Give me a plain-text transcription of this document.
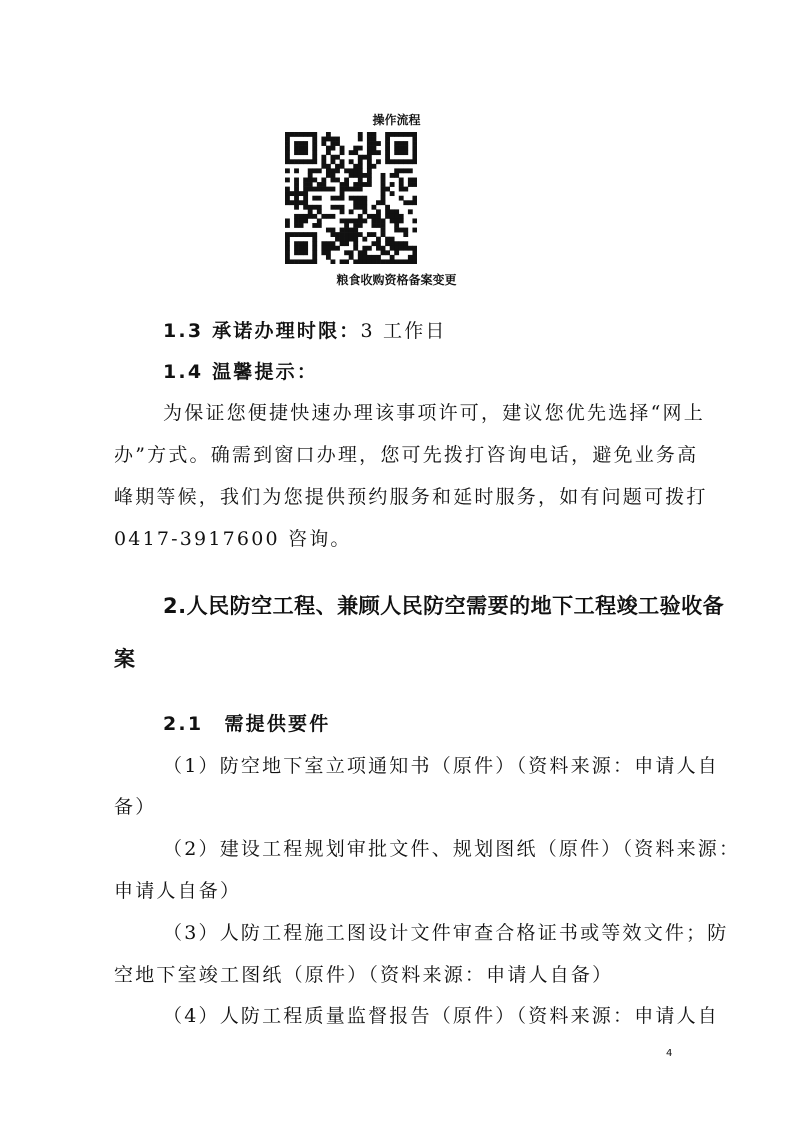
操作流程
粮食收购资格备案变更
1.3 承诺办理时限：3 工作日
1.4 温馨提示：
为保证您便捷快速办理该事项许可，建议您优先选择“网上
办”方式。确需到窗口办理，您可先拨打咨询电话，避免业务高
峰期等候，我们为您提供预约服务和延时服务，如有问题可拨打
0417-3917600 咨询。
2.人民防空工程、兼顾人民防空需要的地下工程竣工验收备
案
2.1　需提供要件
（1）防空地下室立项通知书（原件）（资料来源：申请人自
备）
（2）建设工程规划审批文件、规划图纸（原件）（资料来源：
申请人自备）
（3）人防工程施工图设计文件审查合格证书或等效文件；防
空地下室竣工图纸（原件）（资料来源：申请人自备）
（4）人防工程质量监督报告（原件）（资料来源：申请人自
4
